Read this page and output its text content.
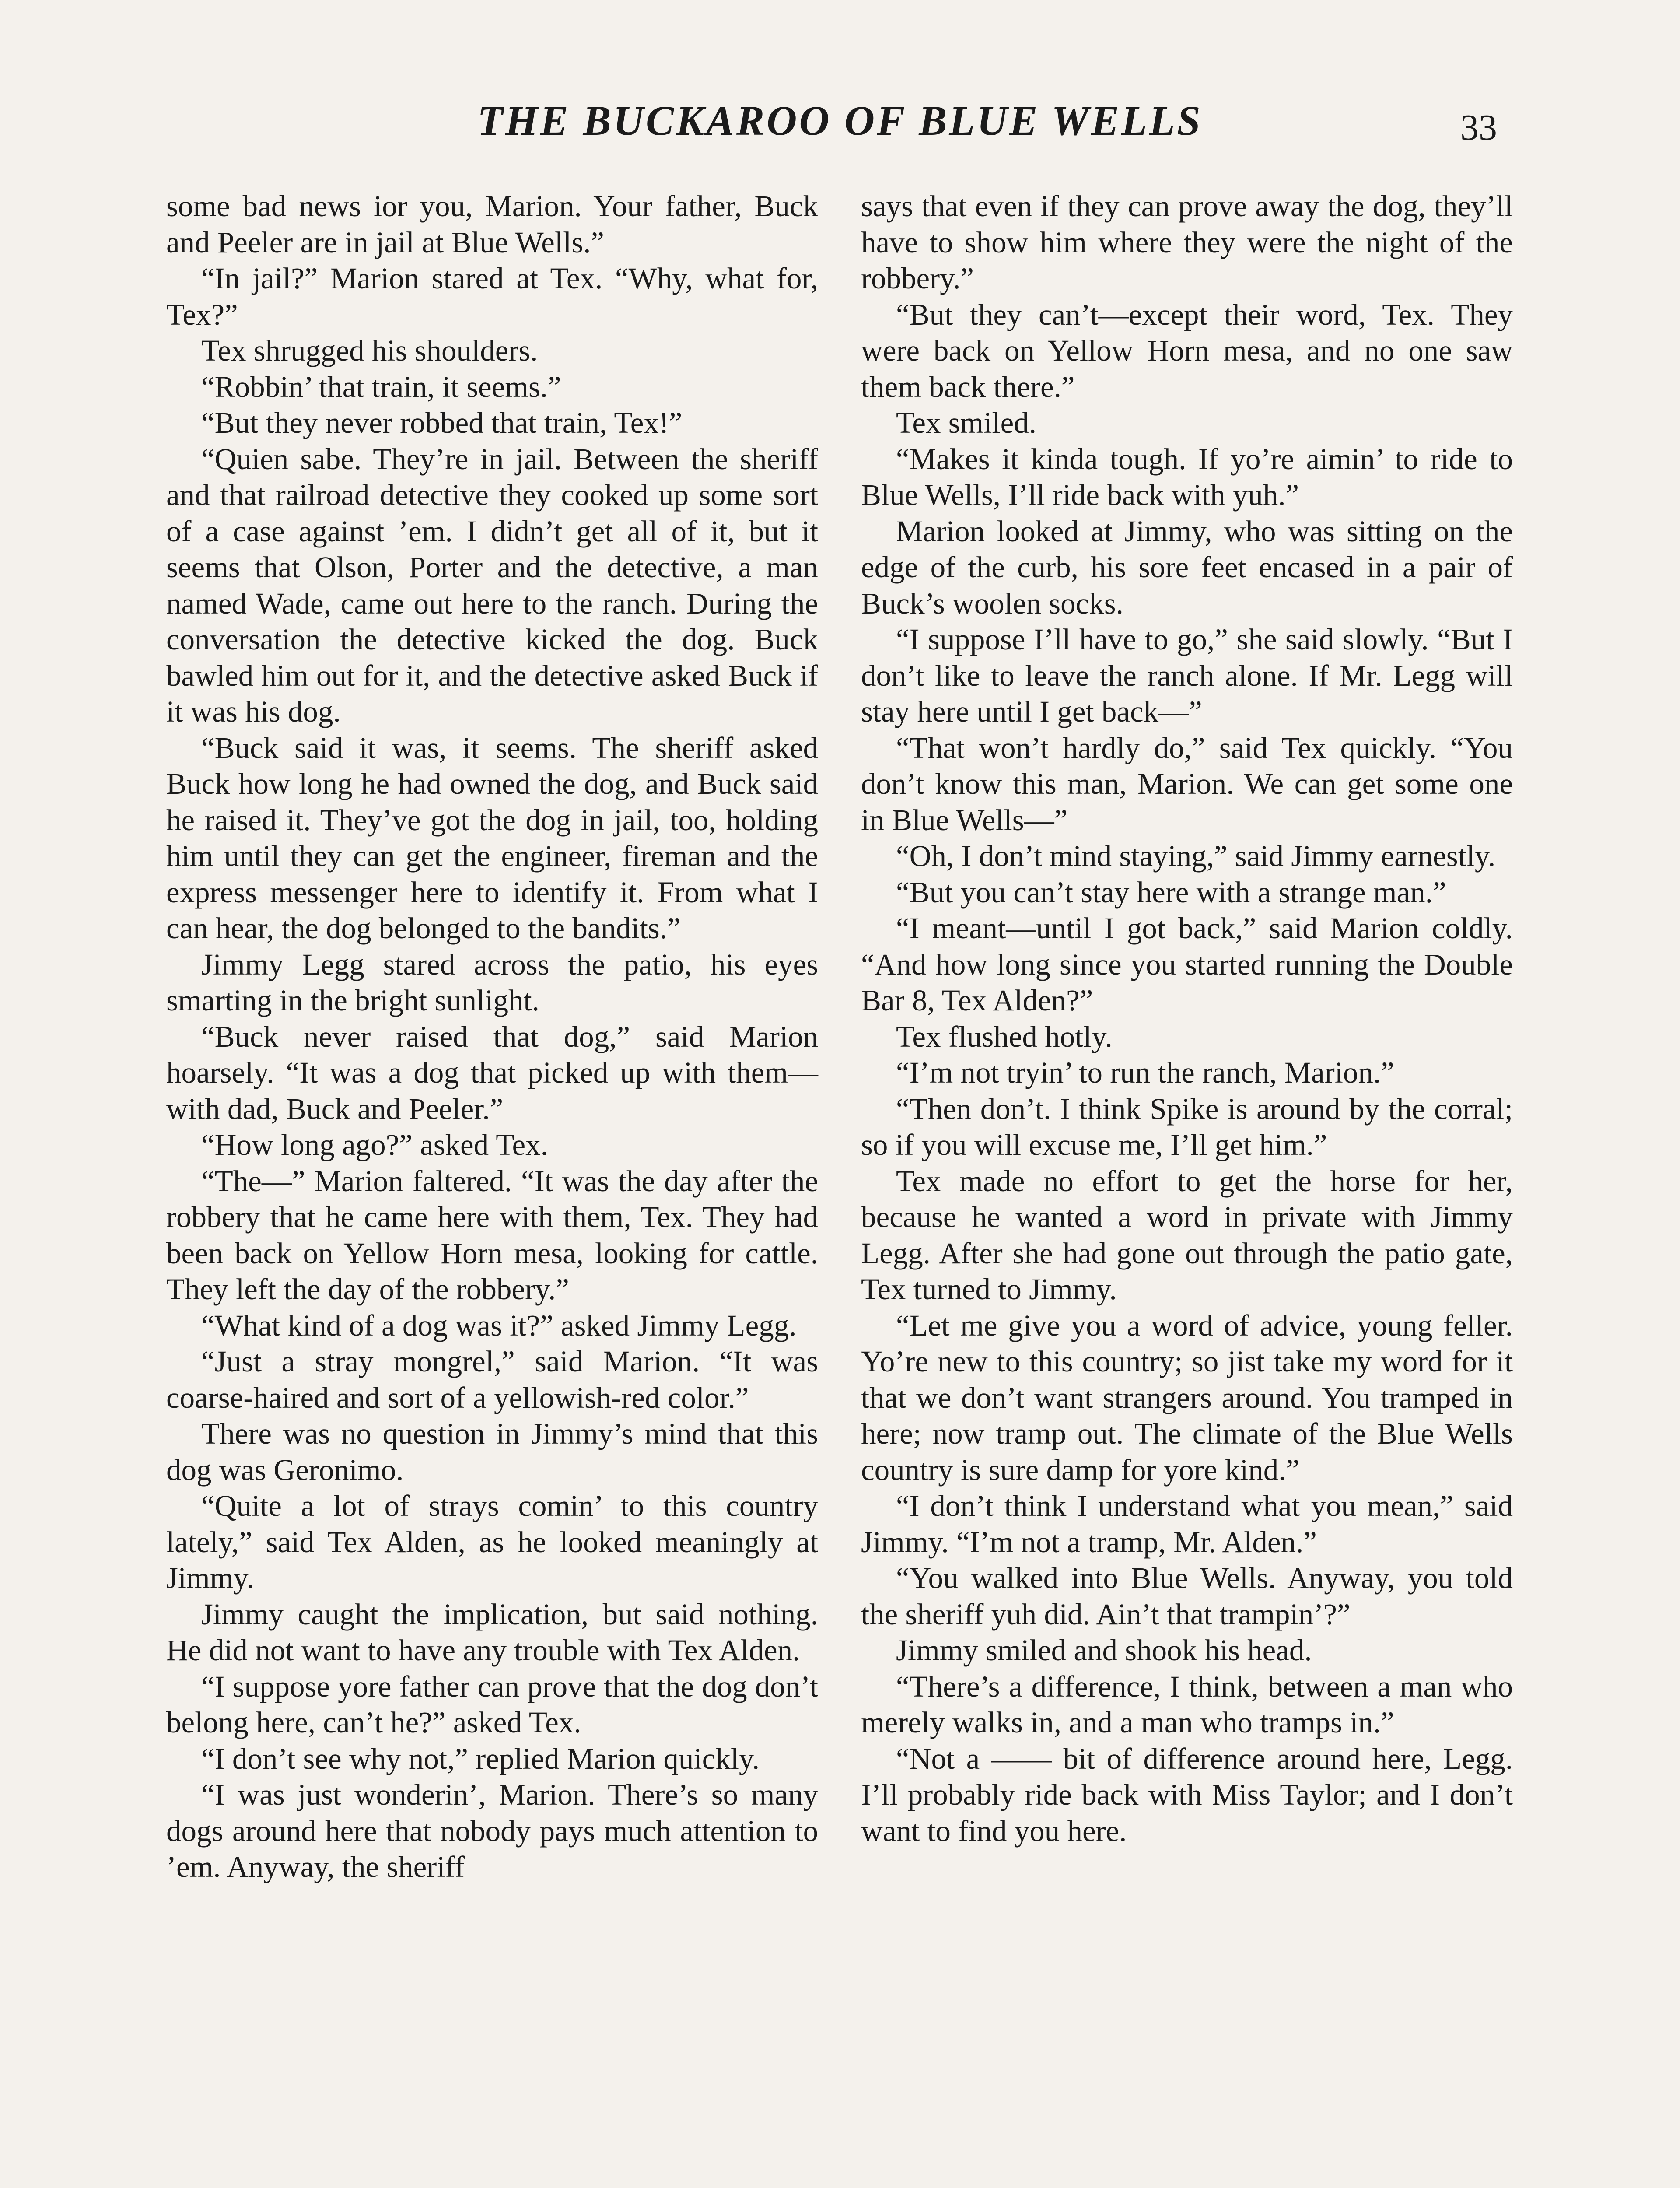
THE BUCKAROO OF BLUE WELLS	33

some bad news ior you, Marion. Your father, Buck and Peeler are in jail at Blue Wells.”

“In jail?” Marion stared at Tex. “Why, what for, Tex?”

Tex shrugged his shoulders.

“Robbin’ that train, it seems.”

“But they never robbed that train, Tex!”

“Quien sabe. They’re in jail. Between the sheriff and that railroad detective they cooked up some sort of a case against ’em. I didn’t get all of it, but it seems that Olson, Porter and the detective, a man named Wade, came out here to the ranch. During the conversation the detective kicked the dog. Buck bawled him out for it, and the detective asked Buck if it was his dog.

“Buck said it was, it seems. The sheriff asked Buck how long he had owned the dog, and Buck said he raised it. They’ve got the dog in jail, too, holding him until they can get the engineer, fireman and the express messenger here to identify it. From what I can hear, the dog belonged to the bandits.”

Jimmy Legg stared across the patio, his eyes smarting in the bright sunlight.

“Buck never raised that dog,” said Marion hoarsely. “It was a dog that picked up with them—with dad, Buck and Peeler.”

“How long ago?” asked Tex.

“The—” Marion faltered. “It was the day after the robbery that he came here with them, Tex. They had been back on Yellow Horn mesa, looking for cattle. They left the day of the robbery.”

“What kind of a dog was it?” asked Jimmy Legg.

“Just a stray mongrel,” said Marion. “It was coarse-haired and sort of a yellowish-red color.”

There was no question in Jimmy’s mind that this dog was Geronimo.

“Quite a lot of strays comin’ to this country lately,” said Tex Alden, as he looked meaningly at Jimmy.

Jimmy caught the implication, but said nothing. He did not want to have any trouble with Tex Alden.

“I suppose yore father can prove that the dog don’t belong here, can’t he?” asked Tex.

“I don’t see why not,” replied Marion quickly.

“I was just wonderin’, Marion. There’s so many dogs around here that nobody pays much attention to ’em. Anyway, the sheriff

says that even if they can prove away the dog, they’ll have to show him where they were the night of the robbery.”

“But they can’t—except their word, Tex. They were back on Yellow Horn mesa, and no one saw them back there.”

Tex smiled.

“Makes it kinda tough. If yo’re aimin’ to ride to Blue Wells, I’ll ride back with yuh.”

Marion looked at Jimmy, who was sitting on the edge of the curb, his sore feet encased in a pair of Buck’s woolen socks.

“I suppose I’ll have to go,” she said slowly. “But I don’t like to leave the ranch alone. If Mr. Legg will stay here until I get back—”

“That won’t hardly do,” said Tex quickly. “You don’t know this man, Marion. We can get some one in Blue Wells—”

“Oh, I don’t mind staying,” said Jimmy earnestly.

“But you can’t stay here with a strange man.”

“I meant—until I got back,” said Marion coldly. “And how long since you started running the Double Bar 8, Tex Alden?”

Tex flushed hotly.

“I’m not tryin’ to run the ranch, Marion.”

“Then don’t. I think Spike is around by the corral; so if you will excuse me, I’ll get him.”

Tex made no effort to get the horse for her, because he wanted a word in private with Jimmy Legg. After she had gone out through the patio gate, Tex turned to Jimmy.

“Let me give you a word of advice, young feller. Yo’re new to this country; so jist take my word for it that we don’t want strangers around. You tramped in here; now tramp out. The climate of the Blue Wells country is sure damp for yore kind.”

“I don’t think I understand what you mean,” said Jimmy. “I’m not a tramp, Mr. Alden.”

“You walked into Blue Wells. Anyway, you told the sheriff yuh did. Ain’t that trampin’?”

Jimmy smiled and shook his head.

“There’s a difference, I think, between a man who merely walks in, and a man who tramps in.”

“Not a —— bit of difference around here, Legg. I’ll probably ride back with Miss Taylor; and I don’t want to find you here.
